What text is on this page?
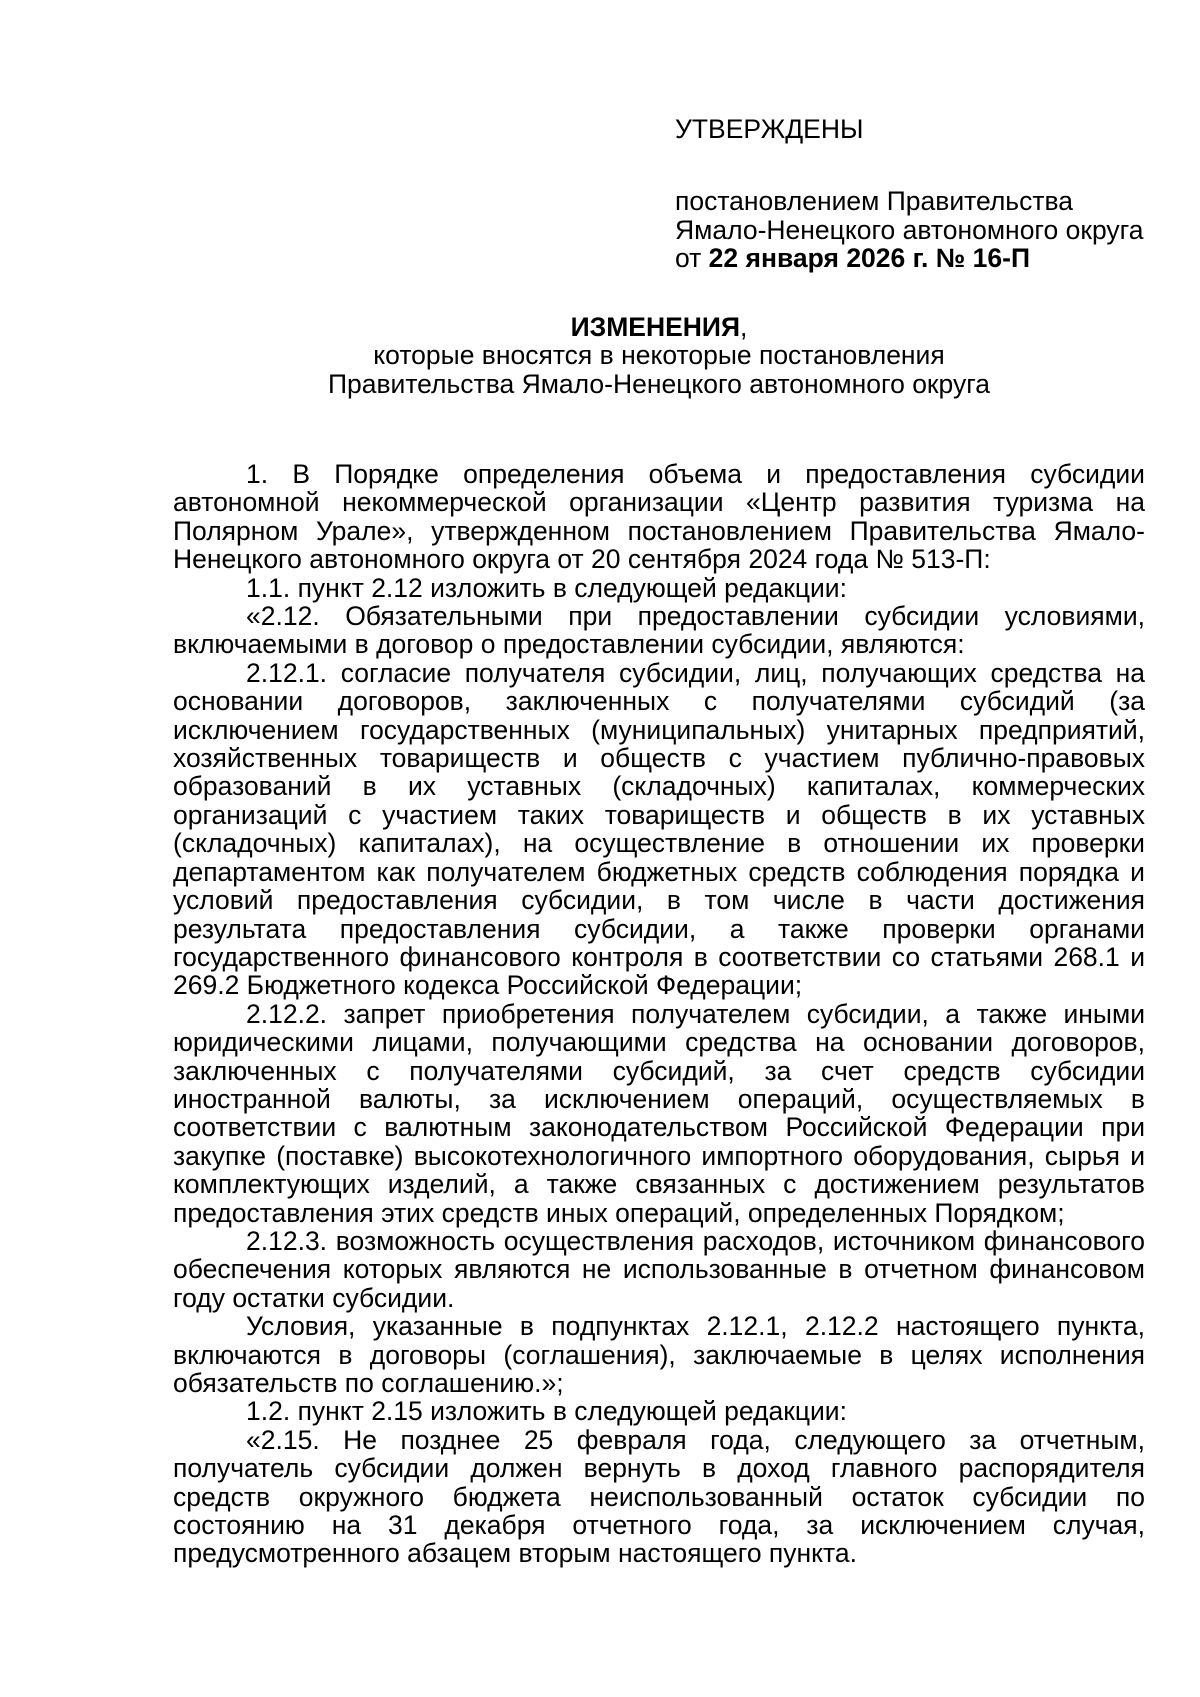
УТВЕРЖДЕНЫ
постановлением Правительства
Ямало-Ненецкого автономного округа
от 22 января 2026 г. № 16-П
ИЗМЕНЕНИЯ,
которые вносятся в некоторые постановления
Правительства Ямало-Ненецкого автономного округа

1. В Порядке определения объема и предоставления субсидии автономной некоммерческой организации «Центр развития туризма на Полярном Урале», утвержденном постановлением Правительства Ямало-Ненецкого автономного округа от 20 сентября 2024 года № 513-П:

1.1. пункт 2.12 изложить в следующей редакции:

«2.12. Обязательными при предоставлении субсидии условиями, включаемыми в договор о предоставлении субсидии, являются:

2.12.1. согласие получателя субсидии, лиц, получающих средства на основании договоров, заключенных с получателями субсидий (за исключением государственных (муниципальных) унитарных предприятий, хозяйственных товариществ и обществ с участием публично-правовых образований в их уставных (складочных) капиталах, коммерческих организаций с участием таких товариществ и обществ в их уставных (складочных) капиталах), на осуществление в отношении их проверки департаментом как получателем бюджетных средств соблюдения порядка и условий предоставления субсидии, в том числе в части достижения результата предоставления субсидии, а также проверки органами государственного финансового контроля в соответствии со статьями 268.1 и 269.2 Бюджетного кодекса Российской Федерации;

2.12.2. запрет приобретения получателем субсидии, а также иными юридическими лицами, получающими средства на основании договоров, заключенных с получателями субсидий, за счет средств субсидии иностранной валюты, за исключением операций, осуществляемых в соответствии с валютным законодательством Российской Федерации при закупке (поставке) высокотехнологичного импортного оборудования, сырья и комплектующих изделий, а также связанных с достижением результатов предоставления этих средств иных операций, определенных Порядком;

2.12.3. возможность осуществления расходов, источником финансового обеспечения которых являются не использованные в отчетном финансовом году остатки субсидии.

Условия, указанные в подпунктах 2.12.1, 2.12.2 настоящего пункта, включаются в договоры (соглашения), заключаемые в целях исполнения обязательств по соглашению.»;

1.2. пункт 2.15 изложить в следующей редакции:

«2.15. Не позднее 25 февраля года, следующего за отчетным, получатель субсидии должен вернуть в доход главного распорядителя средств окружного бюджета неиспользованный остаток субсидии по состоянию на 31 декабря отчетного года, за исключением случая, предусмотренного абзацем вторым настоящего пункта.
